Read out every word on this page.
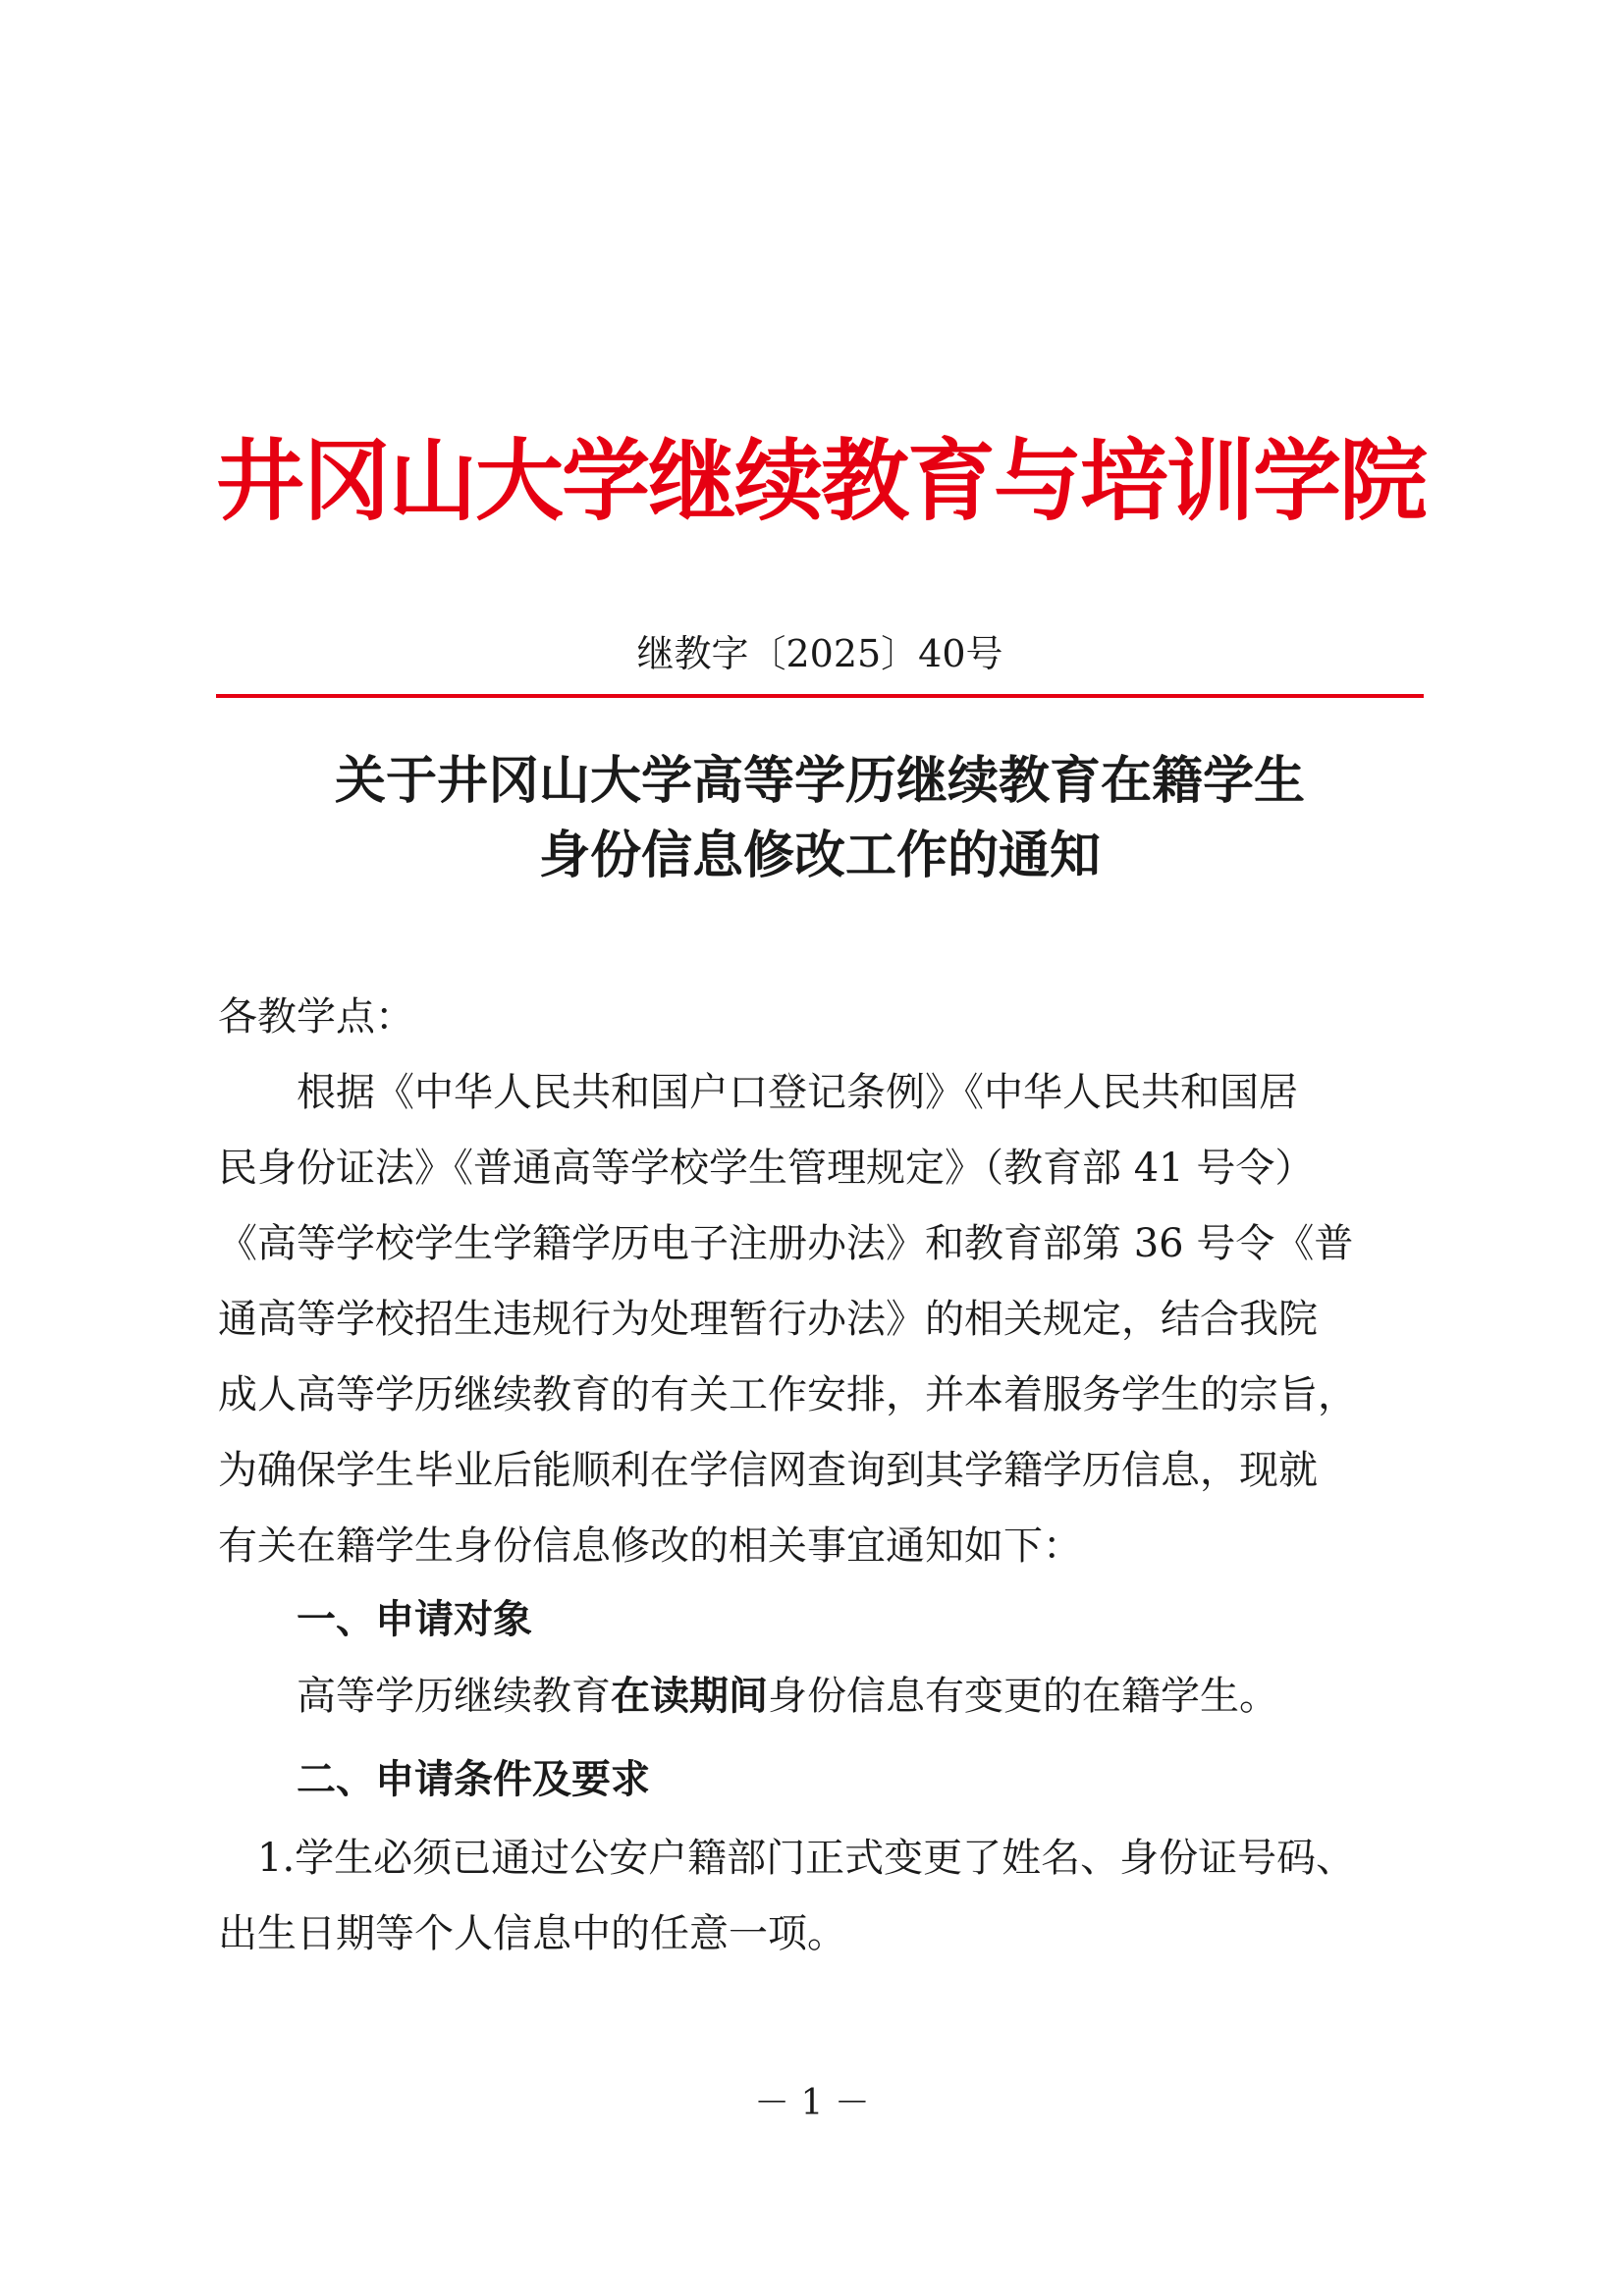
井冈山大学继续教育与培训学院
继教字〔2025〕40号
关于井冈山大学高等学历继续教育在籍学生
身份信息修改工作的通知
各教学点：
　　根据《中华人民共和国户口登记条例》《中华人民共和国居
民身份证法》《普通高等学校学生管理规定》（教育部 41 号令）
《高等学校学生学籍学历电子注册办法》和教育部第 36 号令《普
通高等学校招生违规行为处理暂行办法》的相关规定，结合我院
成人高等学历继续教育的有关工作安排，并本着服务学生的宗旨，
为确保学生毕业后能顺利在学信网查询到其学籍学历信息，现就
有关在籍学生身份信息修改的相关事宜通知如下：
一、申请对象
高等学历继续教育在读期间身份信息有变更的在籍学生。
二、申请条件及要求
　1.学生必须已通过公安户籍部门正式变更了姓名、身份证号码、
出生日期等个人信息中的任意一项。
－ 1 －
